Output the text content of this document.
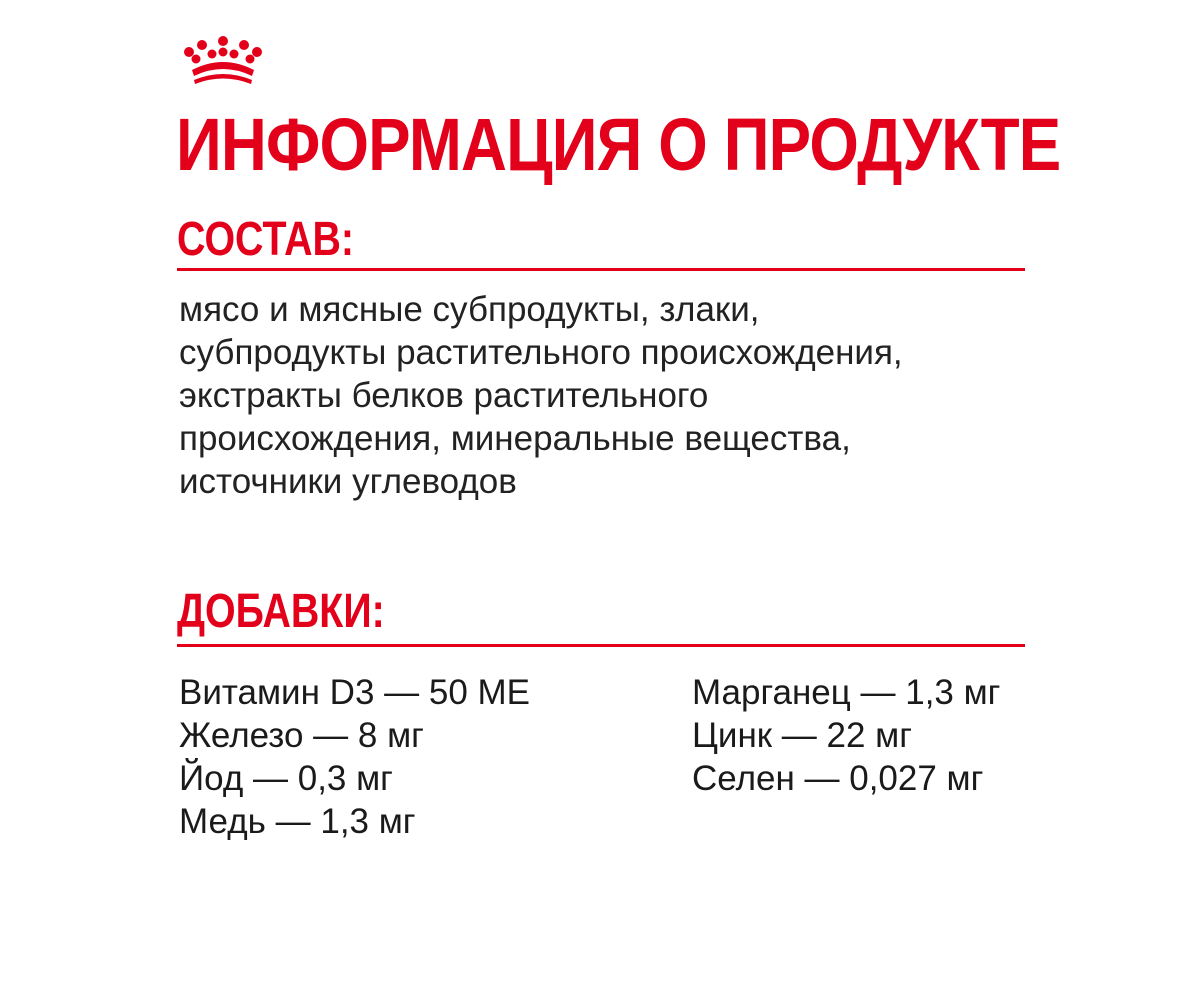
ИНФОРМАЦИЯ О ПРОДУКТЕ
СОСТАВ:

мясо и мясные субпродукты, злаки,
субпродукты растительного происхождения,
экстракты белков растительного
происхождения, минеральные вещества,
источники углеводов

ДОБАВКИ:
Витамин D3 — 50 МЕ
Железо — 8 мг
Йод — 0,3 мг
Медь — 1,3 мг
Марганец — 1,3 мг
Цинк — 22 мг
Селен — 0,027 мг
